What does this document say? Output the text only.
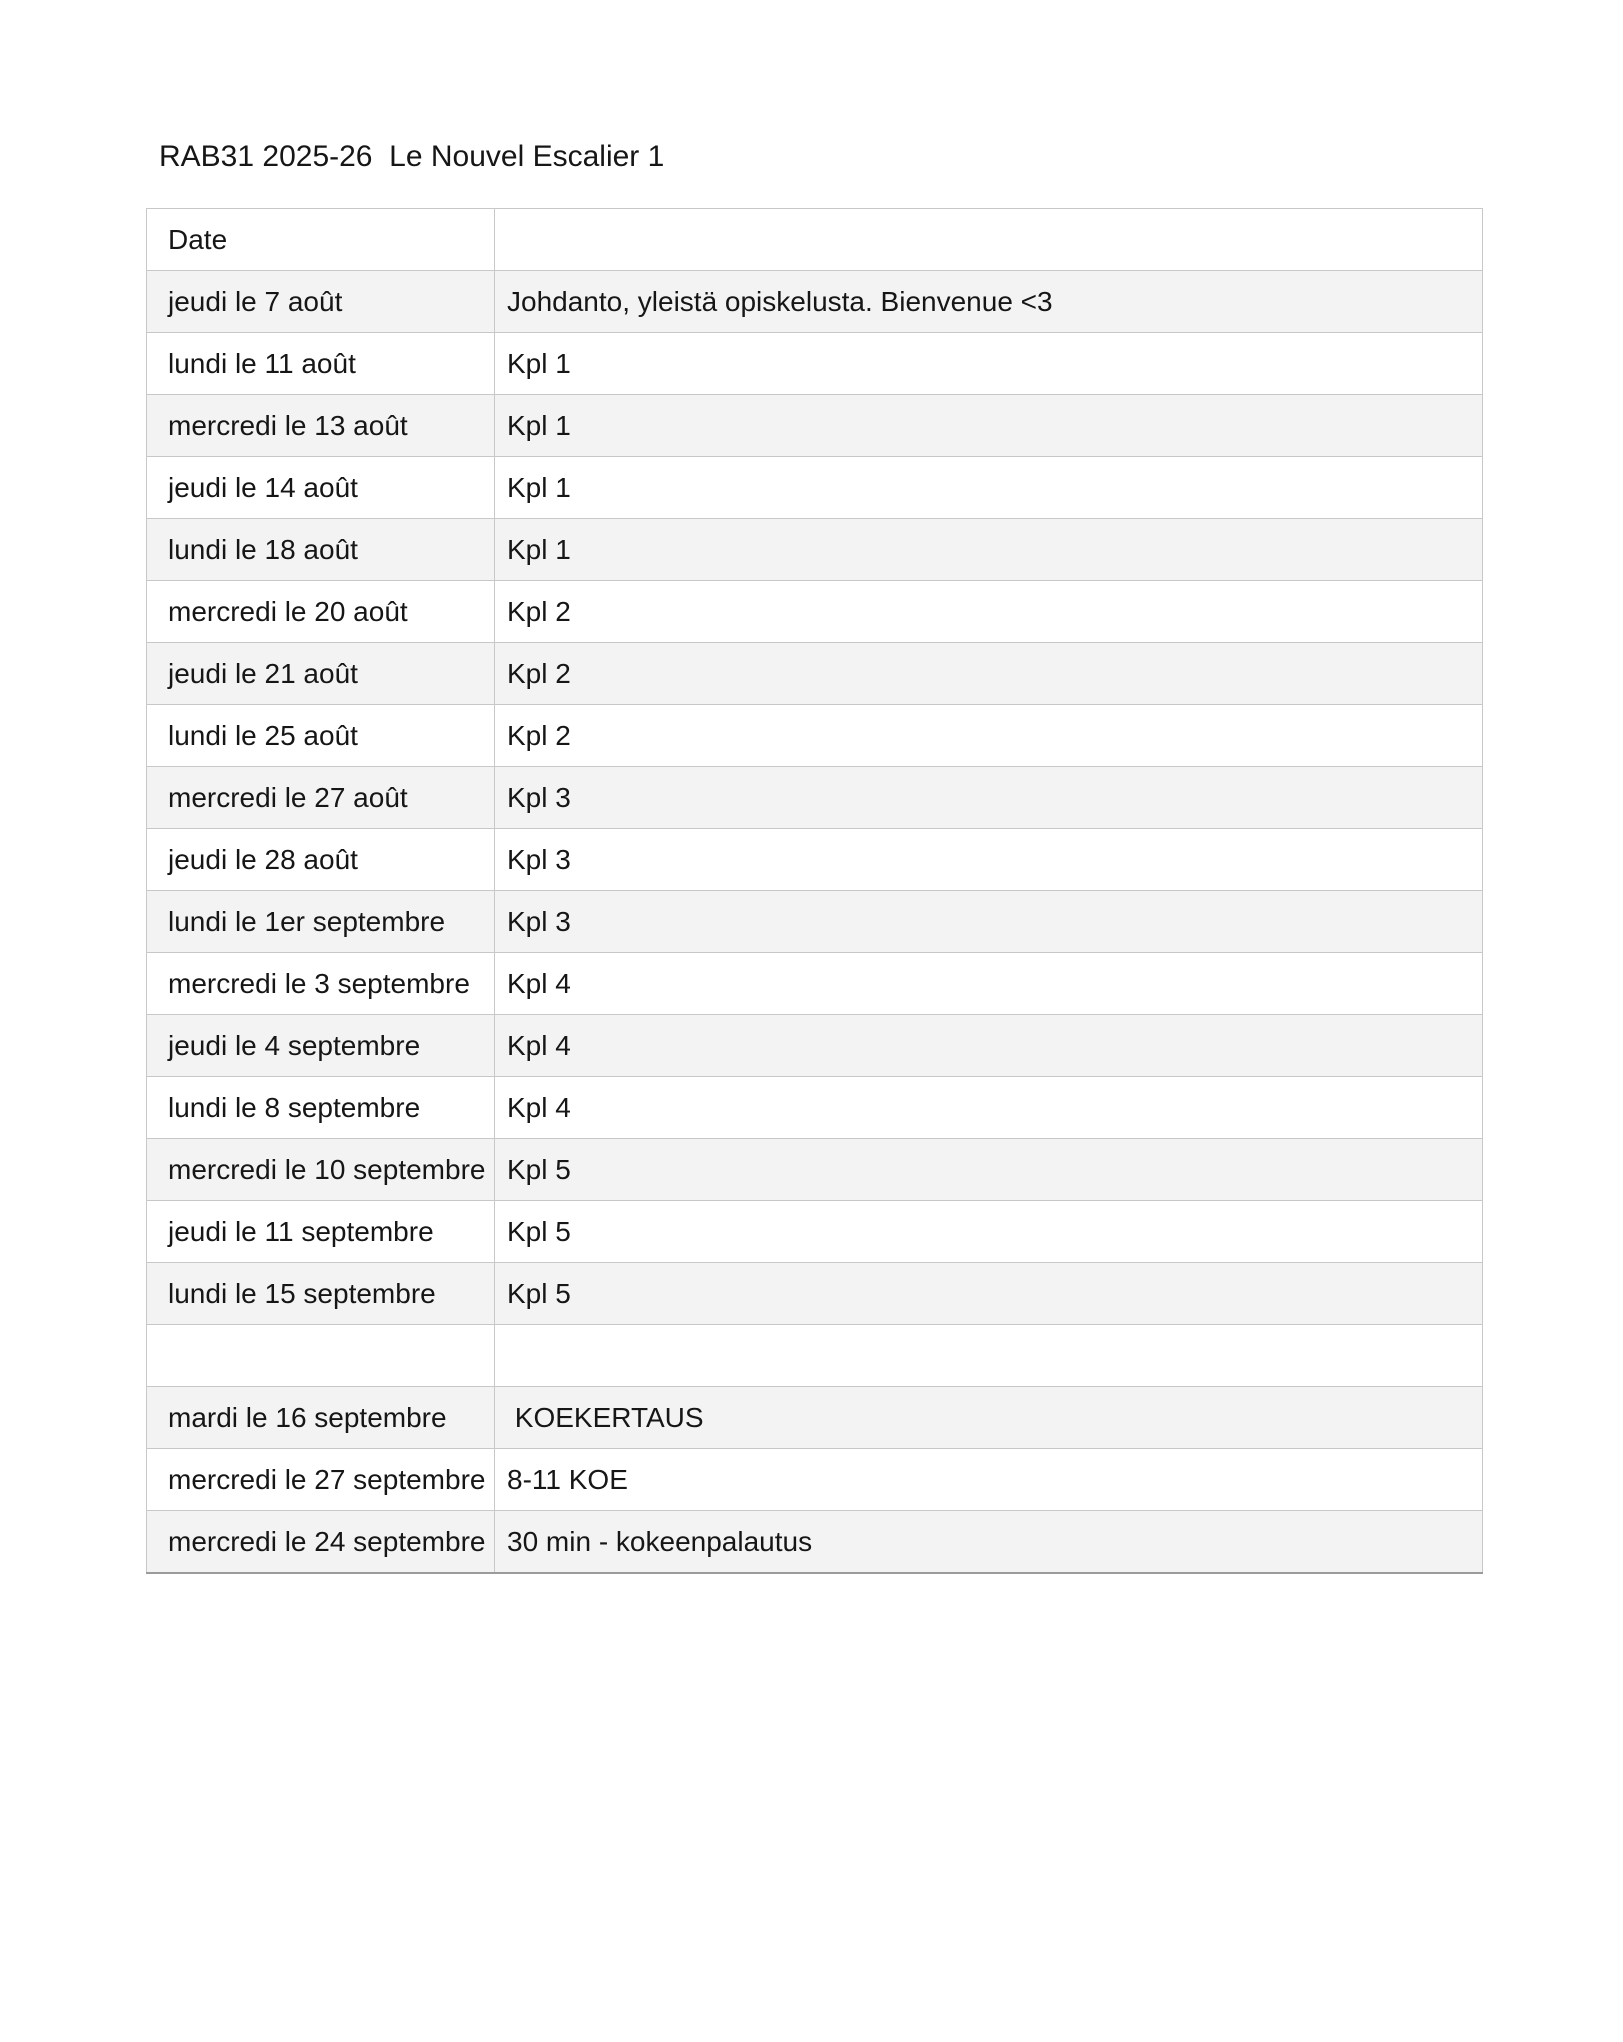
RAB31 2025-26  Le Nouvel Escalier 1
Date	
jeudi le 7 août	Johdanto, yleistä opiskelusta. Bienvenue <3
lundi le 11 août	Kpl 1
mercredi le 13 août	Kpl 1
jeudi le 14 août	Kpl 1
lundi le 18 août	Kpl 1
mercredi le 20 août	Kpl 2
jeudi le 21 août	Kpl 2
lundi le 25 août	Kpl 2
mercredi le 27 août	Kpl 3
jeudi le 28 août	Kpl 3
lundi le 1er septembre	Kpl 3
mercredi le 3 septembre	Kpl 4
jeudi le 4 septembre	Kpl 4
lundi le 8 septembre	Kpl 4
mercredi le 10 septembre	Kpl 5
jeudi le 11 septembre	Kpl 5
lundi le 15 septembre	Kpl 5

mardi le 16 septembre	KOEKERTAUS
mercredi le 27 septembre	8-11 KOE
mercredi le 24 septembre	30 min - kokeenpalautus
